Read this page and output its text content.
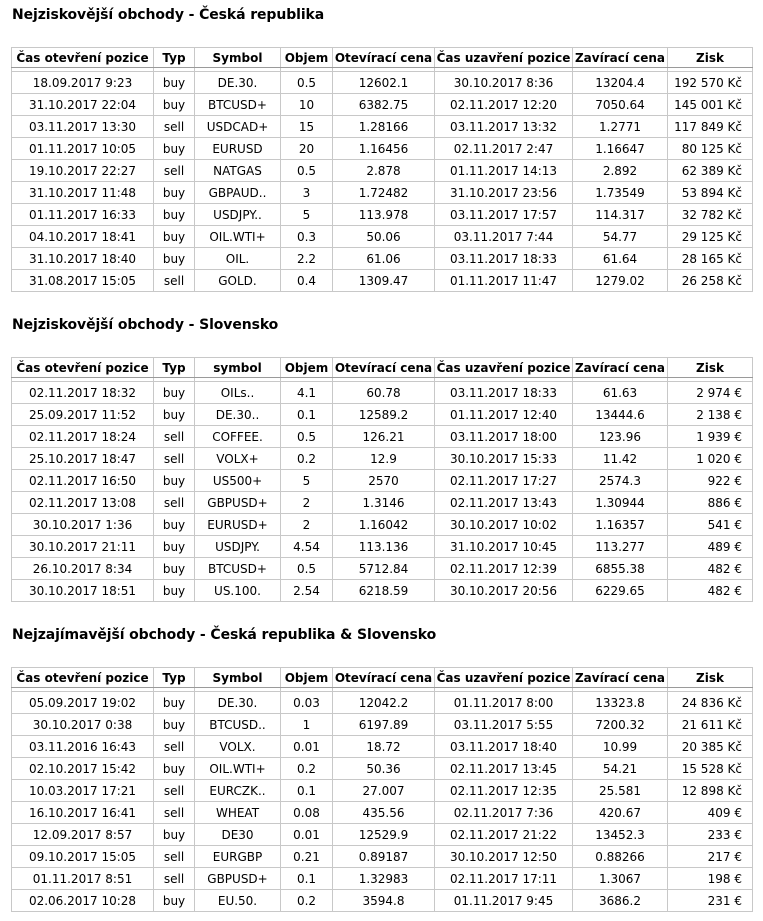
Nejziskovější obchody - Česká republika
Čas otevření pozice	Typ	Symbol	Objem	Otevírací cena	Čas uzavření pozice	Zavírací cena	Zisk

18.09.2017 9:23	buy	DE.30.	0.5	12602.1	30.10.2017 8:36	13204.4	192 570 Kč
31.10.2017 22:04	buy	BTCUSD+	10	6382.75	02.11.2017 12:20	7050.64	145 001 Kč
03.11.2017 13:30	sell	USDCAD+	15	1.28166	03.11.2017 13:32	1.2771	117 849 Kč
01.11.2017 10:05	buy	EURUSD	20	1.16456	02.11.2017 2:47	1.16647	80 125 Kč
19.10.2017 22:27	sell	NATGAS	0.5	2.878	01.11.2017 14:13	2.892	62 389 Kč
31.10.2017 11:48	buy	GBPAUD..	3	1.72482	31.10.2017 23:56	1.73549	53 894 Kč
01.11.2017 16:33	buy	USDJPY..	5	113.978	03.11.2017 17:57	114.317	32 782 Kč
04.10.2017 18:41	buy	OIL.WTI+	0.3	50.06	03.11.2017 7:44	54.77	29 125 Kč
31.10.2017 18:40	buy	OIL.	2.2	61.06	03.11.2017 18:33	61.64	28 165 Kč
31.08.2017 15:05	sell	GOLD.	0.4	1309.47	01.11.2017 11:47	1279.02	26 258 Kč
Nejziskovější obchody - Slovensko
Čas otevření pozice	Typ	symbol	Objem	Otevírací cena	Čas uzavření pozice	Zavírací cena	Zisk

02.11.2017 18:32	buy	OILs..	4.1	60.78	03.11.2017 18:33	61.63	2 974 €
25.09.2017 11:52	buy	DE.30..	0.1	12589.2	01.11.2017 12:40	13444.6	2 138 €
02.11.2017 18:24	sell	COFFEE.	0.5	126.21	03.11.2017 18:00	123.96	1 939 €
25.10.2017 18:47	sell	VOLX+	0.2	12.9	30.10.2017 15:33	11.42	1 020 €
02.11.2017 16:50	buy	US500+	5	2570	02.11.2017 17:27	2574.3	922 €
02.11.2017 13:08	sell	GBPUSD+	2	1.3146	02.11.2017 13:43	1.30944	886 €
30.10.2017 1:36	buy	EURUSD+	2	1.16042	30.10.2017 10:02	1.16357	541 €
30.10.2017 21:11	buy	USDJPY.	4.54	113.136	31.10.2017 10:45	113.277	489 €
26.10.2017 8:34	buy	BTCUSD+	0.5	5712.84	02.11.2017 12:39	6855.38	482 €
30.10.2017 18:51	buy	US.100.	2.54	6218.59	30.10.2017 20:56	6229.65	482 €
Nejzajímavější obchody - Česká republika & Slovensko
Čas otevření pozice	Typ	Symbol	Objem	Otevírací cena	Čas uzavření pozice	Zavírací cena	Zisk

05.09.2017 19:02	buy	DE.30.	0.03	12042.2	01.11.2017 8:00	13323.8	24 836 Kč
30.10.2017 0:38	buy	BTCUSD..	1	6197.89	03.11.2017 5:55	7200.32	21 611 Kč
03.11.2016 16:43	sell	VOLX.	0.01	18.72	03.11.2017 18:40	10.99	20 385 Kč
02.10.2017 15:42	buy	OIL.WTI+	0.2	50.36	02.11.2017 13:45	54.21	15 528 Kč
10.03.2017 17:21	sell	EURCZK..	0.1	27.007	02.11.2017 12:35	25.581	12 898 Kč
16.10.2017 16:41	sell	WHEAT	0.08	435.56	02.11.2017 7:36	420.67	409 €
12.09.2017 8:57	buy	DE30	0.01	12529.9	02.11.2017 21:22	13452.3	233 €
09.10.2017 15:05	sell	EURGBP	0.21	0.89187	30.10.2017 12:50	0.88266	217 €
01.11.2017 8:51	sell	GBPUSD+	0.1	1.32983	02.11.2017 17:11	1.3067	198 €
02.06.2017 10:28	buy	EU.50.	0.2	3594.8	01.11.2017 9:45	3686.2	231 €
